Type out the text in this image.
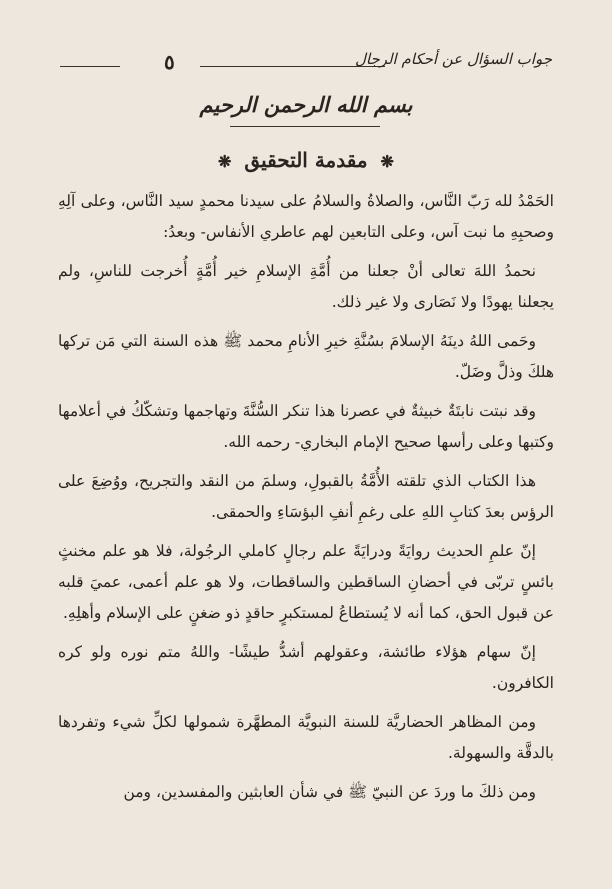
٥	جواب السؤال عن أحكام الرجال
بسم الله الرحمن الرحيم
❋ مقدمة التحقيق ❋

الحَمْدُ لله رَبّ النَّاس، والصلاةُ والسلامُ على سيدنا محمدٍ سيد النَّاس، وعلى آلِهِ وصحبِهِ ما نبت آس، وعلى التابعين لهم عاطري الأنفاس- وبعدُ:

نحمدُ اللهَ تعالى أنْ جعلنا من أُمَّةِ الإسلامِ خير أُمَّةٍ أُخرجت للناسِ، ولم يجعلنا يهودًا ولا نَصَارى ولا غير ذلك.

وحَمى اللهُ دينَهُ الإسلامَ بسُنَّةِ خيرِ الأنامِ محمد ﷺ هذه السنة التي مَن تركها هلكَ وذلَّ وضَلّ.

وقد نبتت نابتَةٌ خبيثةٌ في عصرنا هذا تنكر السُّنَّةَ وتهاجمها وتشكّكُ في أعلامها وكتبها وعلى رأسها صحيح الإمام البخاري- رحمه الله.

هذا الكتاب الذي تلقته الأُمَّةُ بالقبولِ، وسلمَ من النقد والتجريح، ووُضِعَ على الرؤس بعدَ كتابِ اللهِ على رغمِ أنفِ البؤسَاءِ والحمقى.

إنّ علمِ الحديث روايَةً ودرايَةً علم رجالٍ كاملي الرجُولة، فلا هو علم مخنثٍ بائسٍ تربّى في أحضانِ الساقطين والساقطات، ولا هو علم أعمى، عميَ قلبه عن قبول الحق، كما أنه لا يُستطاعُ لمستكبرٍ حاقدٍ ذو ضغنٍ على الإسلام وأهلِهِ.

إنّ سهام هؤلاء طائشة، وعقولهم أشدُّ طيشًا- واللهُ متم نوره ولو كره الكافرون.

ومن المظاهر الحضاريَّة للسنة النبويَّة المطهَّرة شمولها لكلِّ شيء وتفردها بالدقَّة والسهولة.

ومن ذلكَ ما وردَ عن النبيّ ﷺ في شأن العابثين والمفسدين، ومن
